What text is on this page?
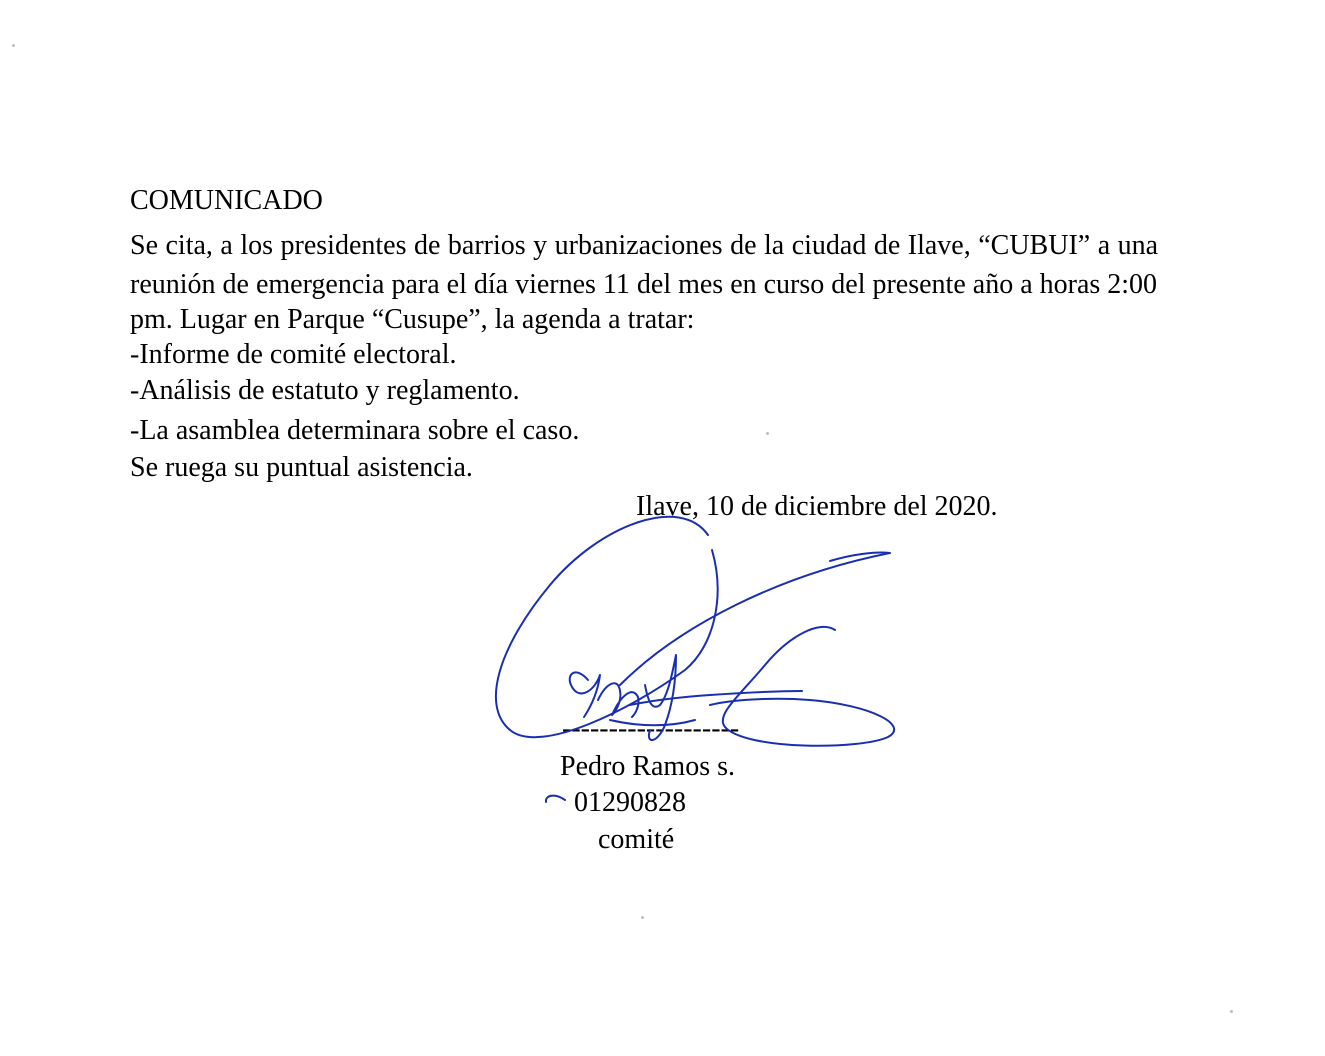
COMUNICADO
Se cita, a los presidentes de barrios y urbanizaciones de la ciudad de Ilave, “CUBUI” a una
reunión de emergencia para el día viernes 11 del mes en curso del presente año a horas 2:00
pm. Lugar en Parque “Cusupe”, la agenda a tratar:
-Informe de comité electoral.
-Análisis de estatuto y reglamento.
-La asamblea determinara sobre el caso.
Se ruega su puntual asistencia.
Ilave, 10 de diciembre del 2020.
-------------------
Pedro Ramos s.
01290828
comité
